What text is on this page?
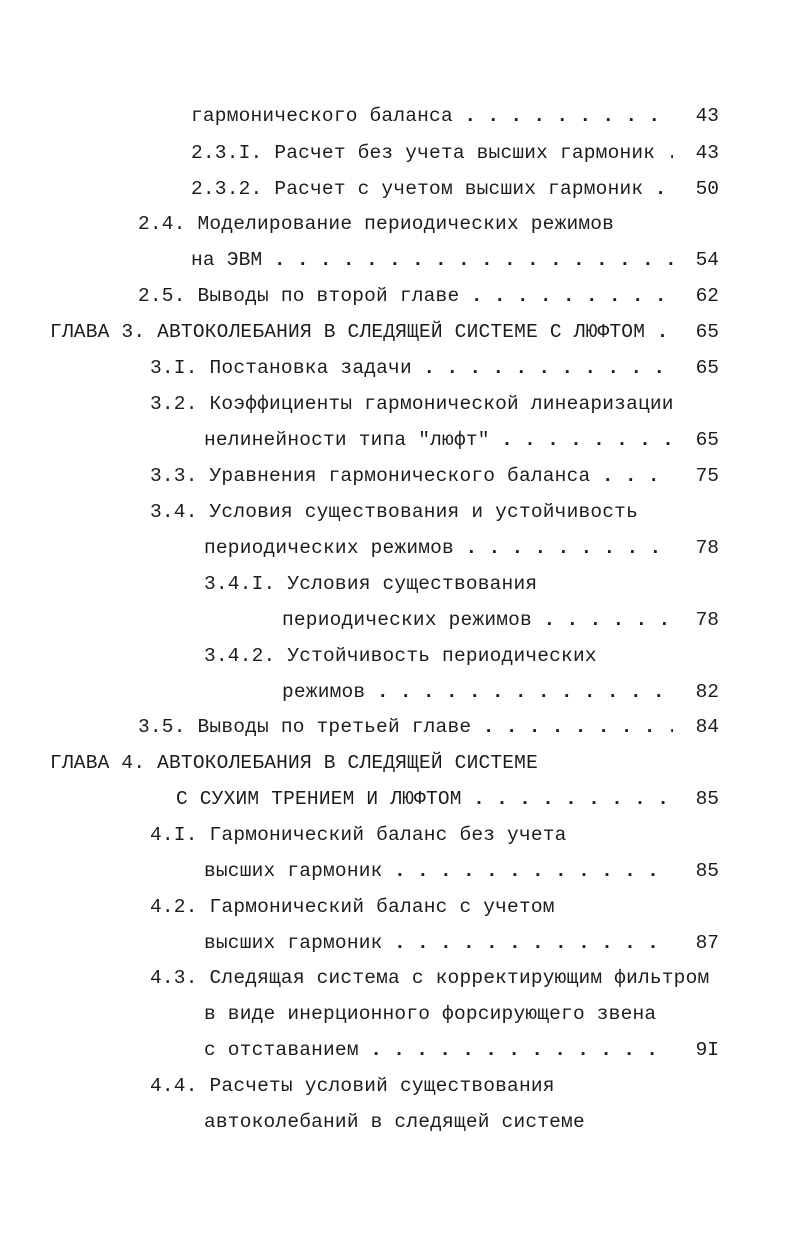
гармонического баланса . . .	43
2.3.I. Расчет без учета высших гармоник . . .	43
2.3.2. Расчет с учетом высших гармоник . . .	50
2.4. Моделирование периодических режимов
на ЭВМ . . .	54
2.5. Выводы по второй главе . . .	62
ГЛАВА 3. АВТОКОЛЕБАНИЯ В СЛЕДЯЩЕЙ СИСТЕМЕ С ЛЮФТОМ . . .	65
3.I. Постановка задачи . . .	65
3.2. Коэффициенты гармонической линеаризации
нелинейности типа "люфт" . . .	65
3.3. Уравнения гармонического баланса . . .	75
3.4. Условия существования и устойчивость
периодических режимов . . .	78
3.4.I. Условия существования
периодических режимов . . .	78
3.4.2. Устойчивость периодических
режимов . . .	82
3.5. Выводы по третьей главе . . .	84
ГЛАВА 4. АВТОКОЛЕБАНИЯ В СЛЕДЯЩЕЙ СИСТЕМЕ
С СУХИМ ТРЕНИЕМ И ЛЮФТОМ . . .	85
4.I. Гармонический баланс без учета
высших гармоник . . .	85
4.2. Гармонический баланс с учетом
высших гармоник . . .	87
4.3. Следящая система с корректирующим фильтром
в виде инерционного форсирующего звена
с отставанием . . .	9I
4.4. Расчеты условий существования
автоколебаний в следящей системе
